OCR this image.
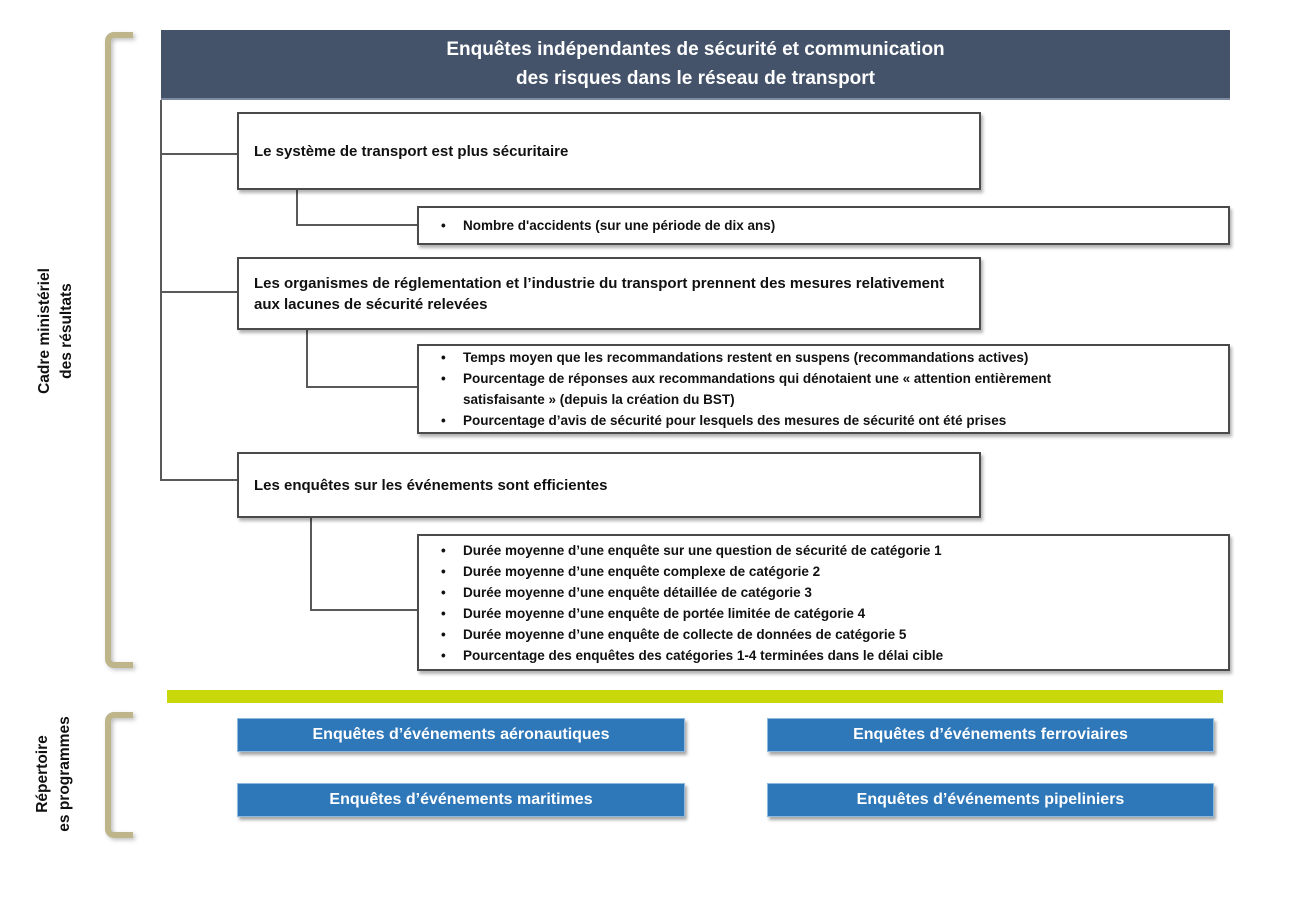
Cadre ministériel des résultats
Répertoire es programmes
Enquêtes indépendantes de sécurité et communication
des risques dans le réseau de transport
Le système de transport est plus sécuritaire
• Nombre d'accidents (sur une période de dix ans)
Les organismes de réglementation et l’industrie du transport prennent des mesures relativement aux lacunes de sécurité relevées
• Temps moyen que les recommandations restent en suspens (recommandations actives)
• Pourcentage de réponses aux recommandations qui dénotaient une « attention entièrement satisfaisante » (depuis la création du BST)
• Pourcentage d’avis de sécurité pour lesquels des mesures de sécurité ont été prises
Les enquêtes sur les événements sont efficientes
• Durée moyenne d’une enquête sur une question de sécurité de catégorie 1
• Durée moyenne d’une enquête complexe de catégorie 2
• Durée moyenne d’une enquête détaillée de catégorie 3
• Durée moyenne d’une enquête de portée limitée de catégorie 4
• Durée moyenne d’une enquête de collecte de données de catégorie 5
• Pourcentage des enquêtes des catégories 1-4 terminées dans le délai cible
Enquêtes d’événements aéronautiques	Enquêtes d’événements ferroviaires
Enquêtes d’événements maritimes	Enquêtes d’événements pipeliniers
